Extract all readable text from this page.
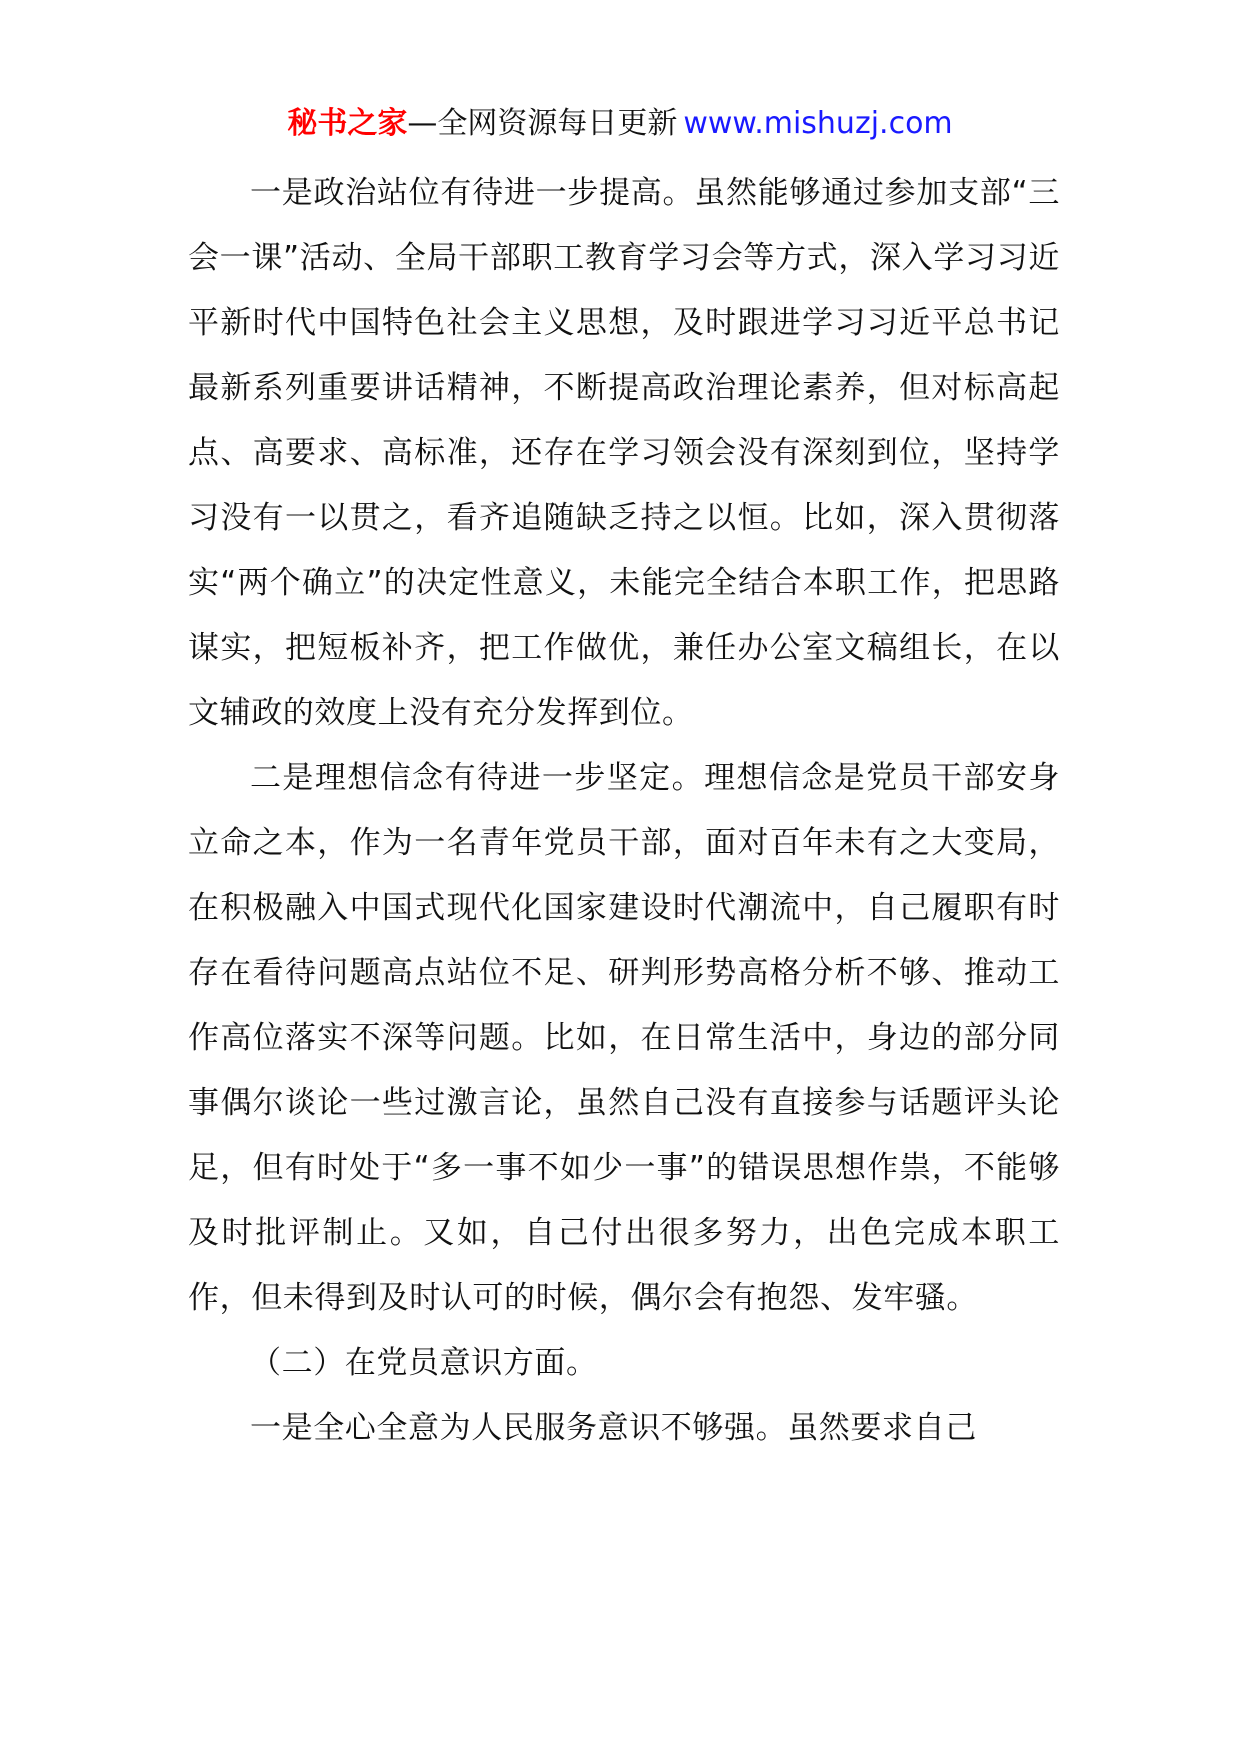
秘书之家—全网资源每日更新 www.mishuzj.com

一是政治站位有待进一步提高。虽然能够通过参加支部“三会一课”活动、全局干部职工教育学习会等方式，深入学习习近平新时代中国特色社会主义思想，及时跟进学习习近平总书记最新系列重要讲话精神，不断提高政治理论素养，但对标高起点、高要求、高标准，还存在学习领会没有深刻到位，坚持学习没有一以贯之，看齐追随缺乏持之以恒。比如，深入贯彻落实“两个确立”的决定性意义，未能完全结合本职工作，把思路谋实，把短板补齐，把工作做优，兼任办公室文稿组长，在以文辅政的效度上没有充分发挥到位。

二是理想信念有待进一步坚定。理想信念是党员干部安身立命之本，作为一名青年党员干部，面对百年未有之大变局，在积极融入中国式现代化国家建设时代潮流中，自己履职有时存在看待问题高点站位不足、研判形势高格分析不够、推动工作高位落实不深等问题。比如，在日常生活中，身边的部分同事偶尔谈论一些过激言论，虽然自己没有直接参与话题评头论足，但有时处于“多一事不如少一事”的错误思想作祟，不能够及时批评制止。又如，自己付出很多努力，出色完成本职工作，但未得到及时认可的时候，偶尔会有抱怨、发牢骚。

（二）在党员意识方面。

一是全心全意为人民服务意识不够强。虽然要求自己
